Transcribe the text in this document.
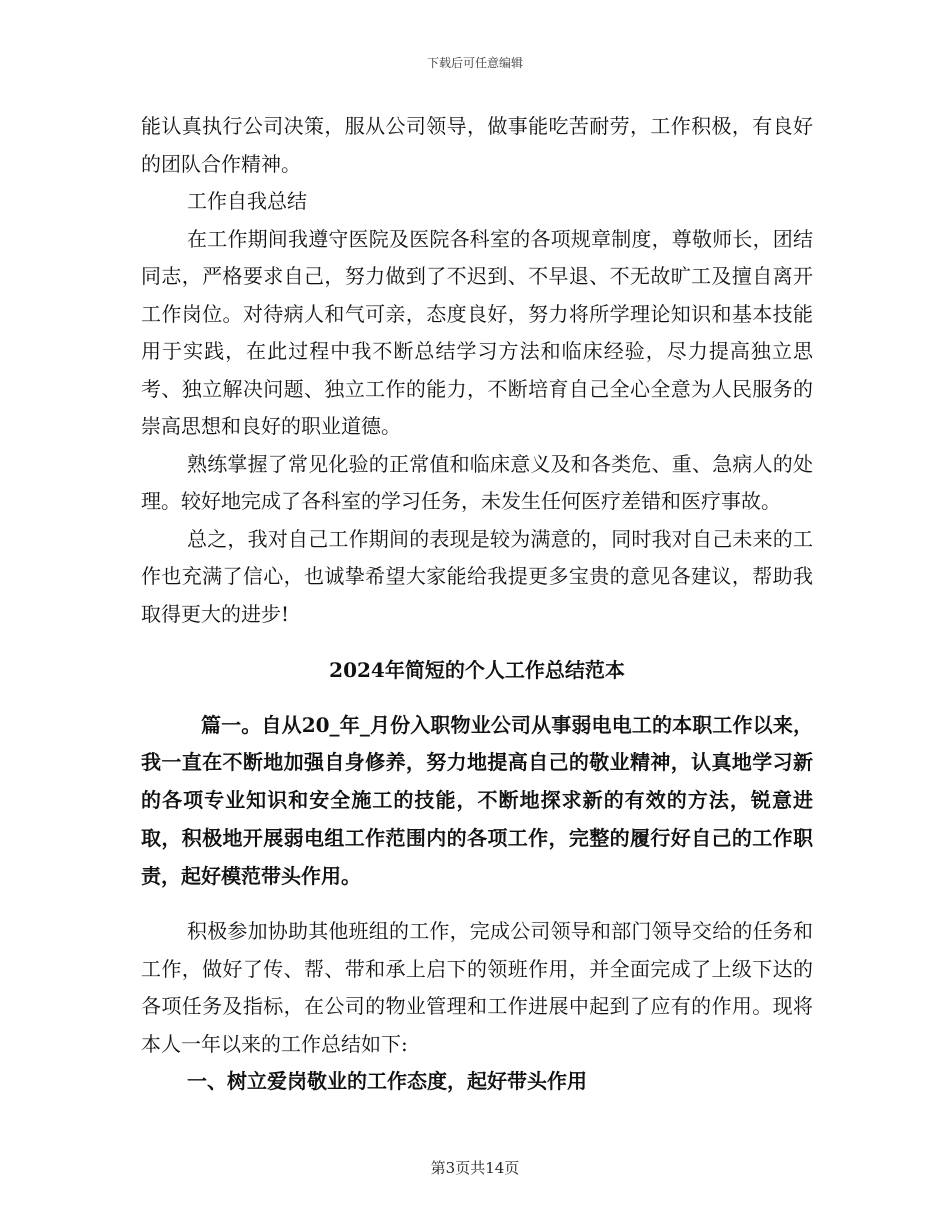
下载后可任意编辑

能认真执行公司决策，服从公司领导，做事能吃苦耐劳，工作积极，有良好的团队合作精神。

工作自我总结

在工作期间我遵守医院及医院各科室的各项规章制度，尊敬师长，团结同志，严格要求自己，努力做到了不迟到、不早退、不无故旷工及擅自离开工作岗位。对待病人和气可亲，态度良好，努力将所学理论知识和基本技能用于实践，在此过程中我不断总结学习方法和临床经验，尽力提高独立思考、独立解决问题、独立工作的能力，不断培育自己全心全意为人民服务的崇高思想和良好的职业道德。

熟练掌握了常见化验的正常值和临床意义及和各类危、重、急病人的处理。较好地完成了各科室的学习任务，未发生任何医疗差错和医疗事故。

总之，我对自己工作期间的表现是较为满意的，同时我对自己未来的工作也充满了信心，也诚挚希望大家能给我提更多宝贵的意见各建议，帮助我取得更大的进步!

2024年简短的个人工作总结范本

篇一。自从20_年_月份入职物业公司从事弱电电工的本职工作以来，我一直在不断地加强自身修养，努力地提高自己的敬业精神，认真地学习新的各项专业知识和安全施工的技能，不断地探求新的有效的方法，锐意进取，积极地开展弱电组工作范围内的各项工作，完整的履行好自己的工作职责，起好模范带头作用。

积极参加协助其他班组的工作，完成公司领导和部门领导交给的任务和工作，做好了传、帮、带和承上启下的领班作用，并全面完成了上级下达的各项任务及指标，在公司的物业管理和工作进展中起到了应有的作用。现将本人一年以来的工作总结如下:

一、树立爱岗敬业的工作态度，起好带头作用

第3页共14页
